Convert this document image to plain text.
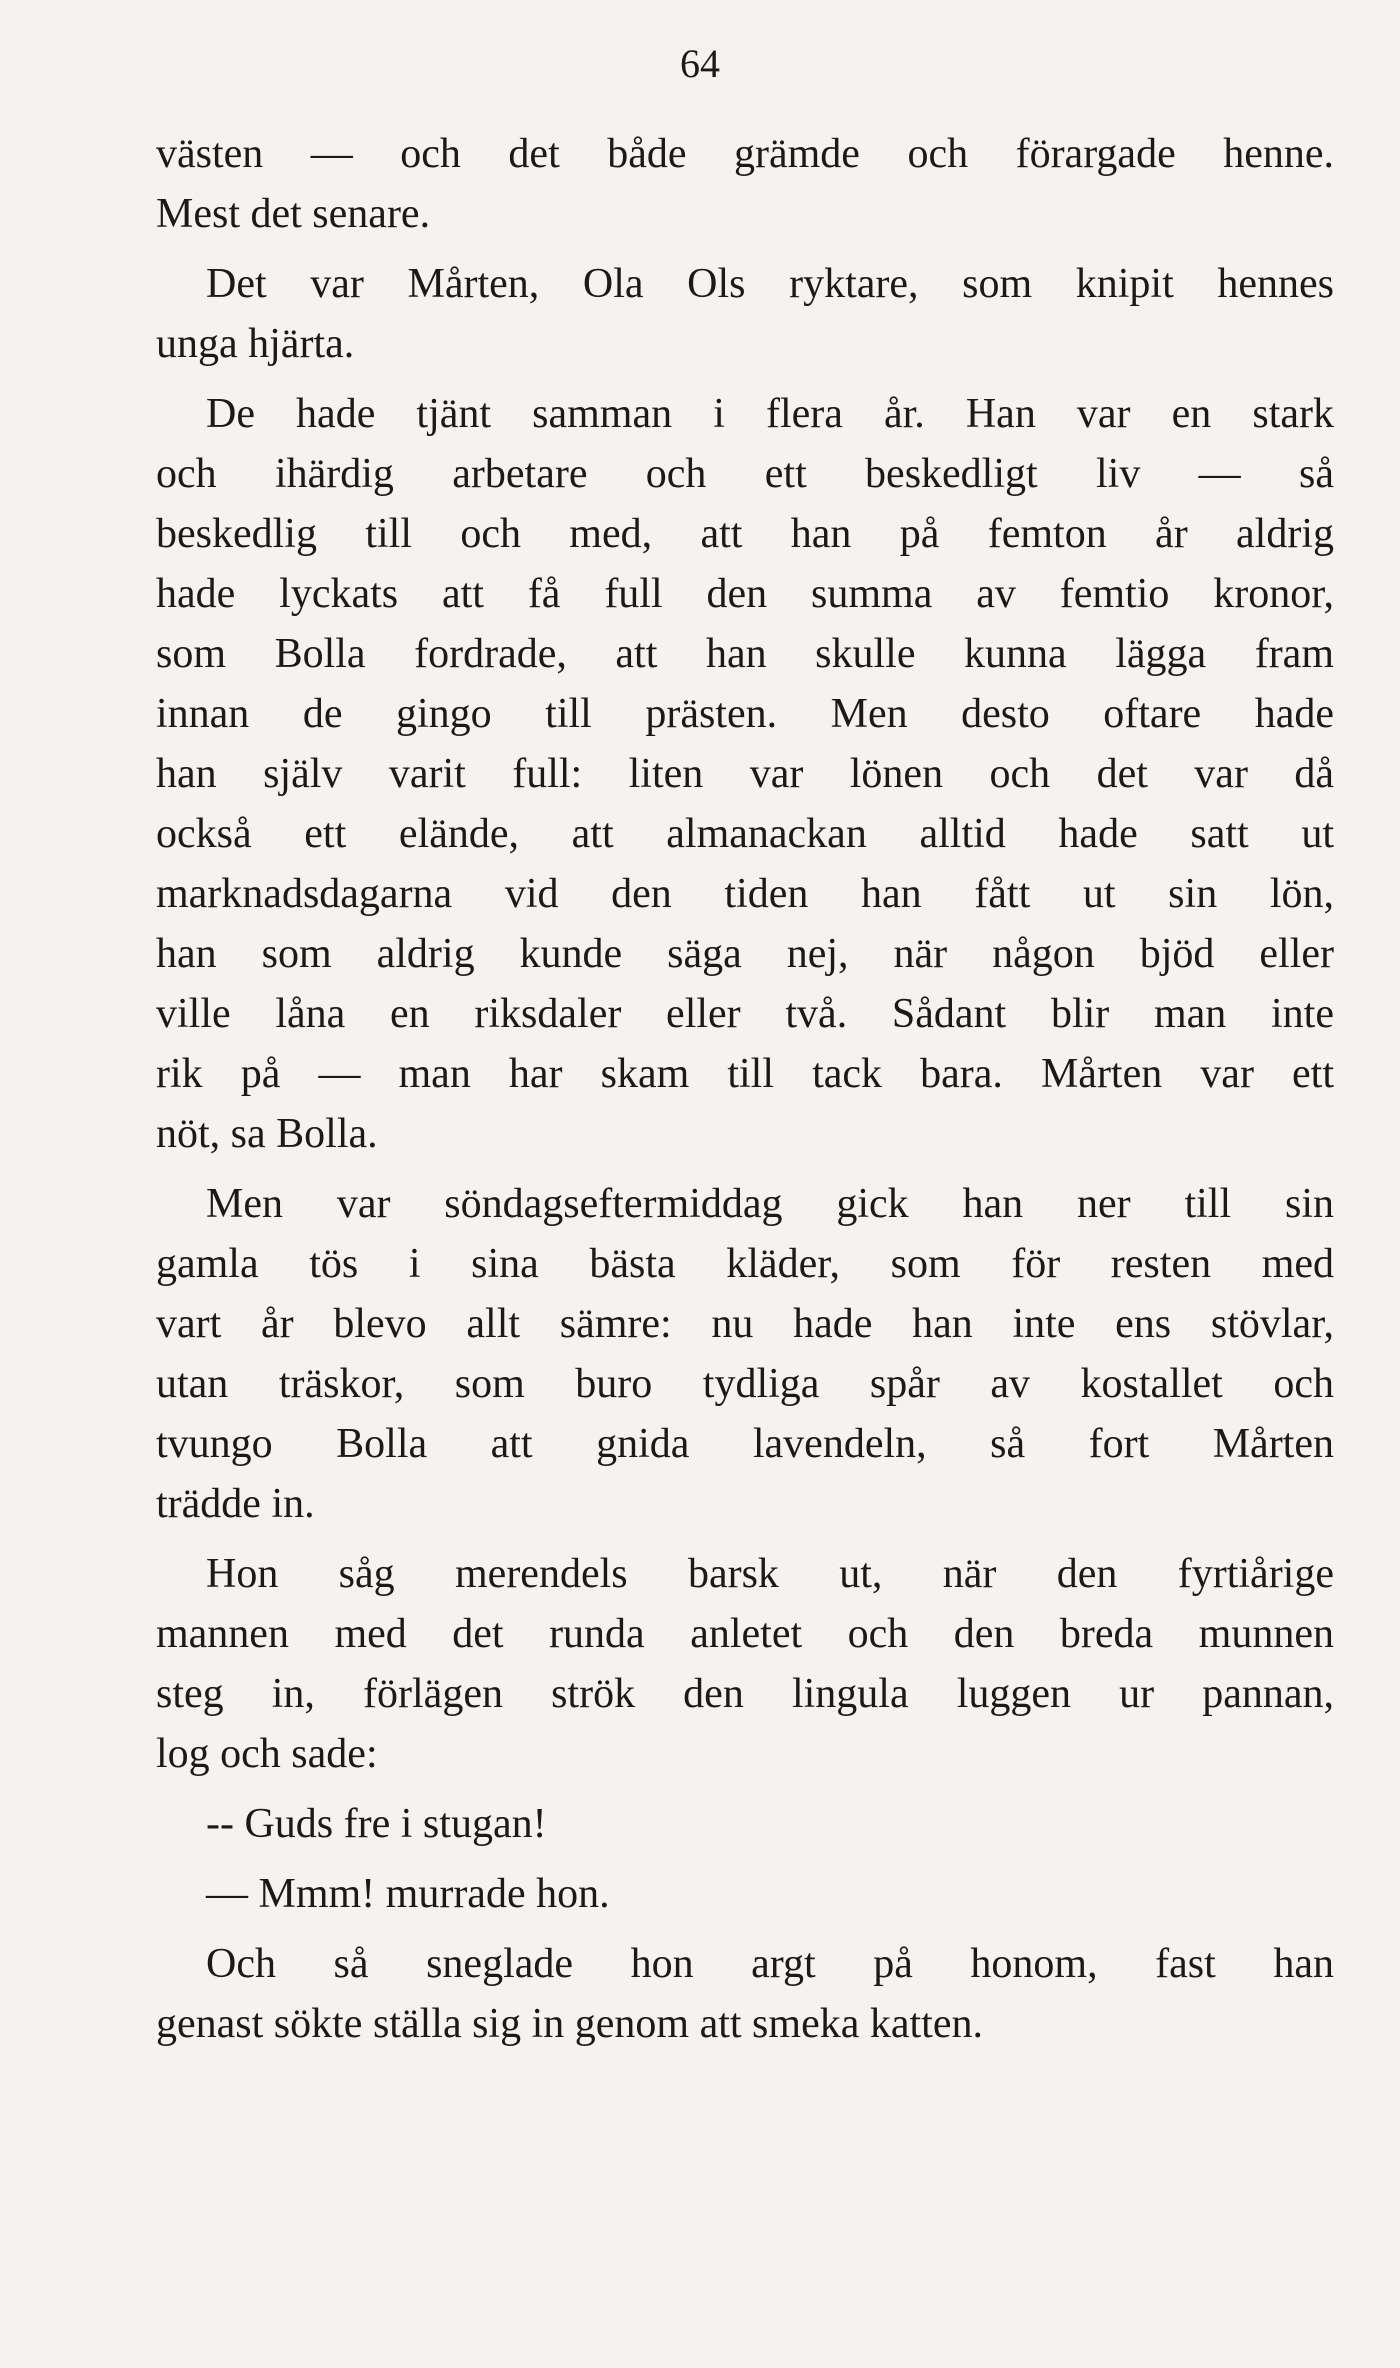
64
västen — och det både grämde och förargade henne.
Mest det senare.
Det var Mårten, Ola Ols ryktare, som knipit hennes
unga hjärta.
De hade tjänt samman i flera år. Han var en stark
och ihärdig arbetare och ett beskedligt liv — så
beskedlig till och med, att han på femton år aldrig
hade lyckats att få full den summa av femtio kronor,
som Bolla fordrade, att han skulle kunna lägga fram
innan de gingo till prästen. Men desto oftare hade
han själv varit full: liten var lönen och det var då
också ett elände, att almanackan alltid hade satt ut
marknadsdagarna vid den tiden han fått ut sin lön,
han som aldrig kunde säga nej, när någon bjöd eller
ville låna en riksdaler eller två. Sådant blir man inte
rik på — man har skam till tack bara. Mårten var ett
nöt, sa Bolla.
Men var söndagseftermiddag gick han ner till sin
gamla tös i sina bästa kläder, som för resten med
vart år blevo allt sämre: nu hade han inte ens stövlar,
utan träskor, som buro tydliga spår av kostallet och
tvungo Bolla att gnida lavendeln, så fort Mårten
trädde in.
Hon såg merendels barsk ut, när den fyrtiårige
mannen med det runda anletet och den breda munnen
steg in, förlägen strök den lingula luggen ur pannan,
log och sade:
-- Guds fre i stugan!
— Mmm! murrade hon.
Och så sneglade hon argt på honom, fast han
genast sökte ställa sig in genom att smeka katten.
